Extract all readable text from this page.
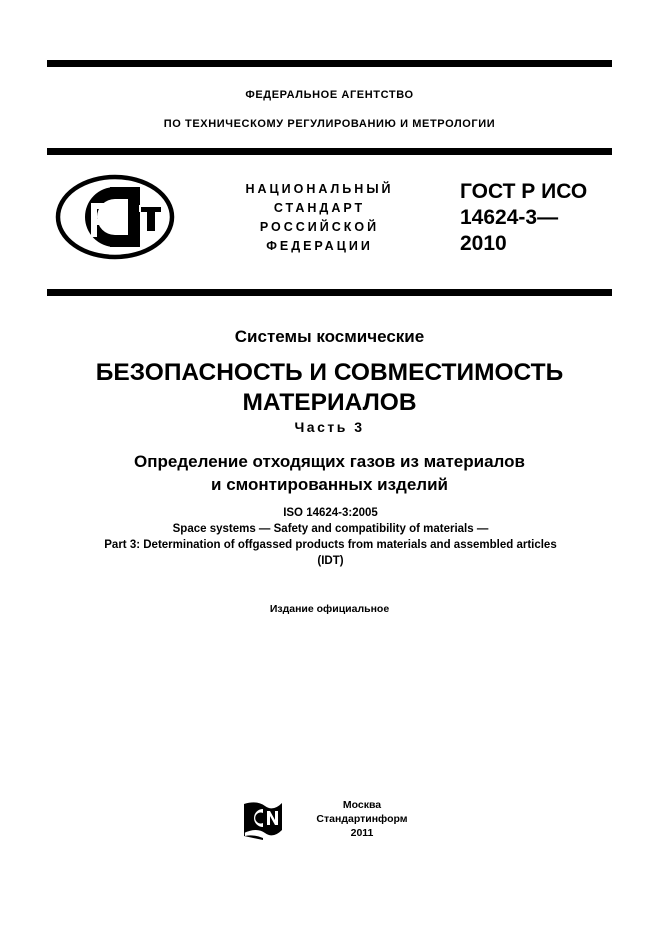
ФЕДЕРАЛЬНОЕ АГЕНТСТВО
ПО ТЕХНИЧЕСКОМУ РЕГУЛИРОВАНИЮ И МЕТРОЛОГИИ
НАЦИОНАЛЬНЫЙ
СТАНДАРТ
РОССИЙСКОЙ
ФЕДЕРАЦИИ
ГОСТ Р ИСО
14624-3—
2010
Системы космические
БЕЗОПАСНОСТЬ И СОВМЕСТИМОСТЬ
МАТЕРИАЛОВ
Часть 3
Определение отходящих газов из материалов
и смонтированных изделий
ISO 14624-3:2005
Space systems — Safety and compatibility of materials —
Part 3: Determination of offgassed products from materials and assembled articles
(IDT)
Издание официальное
Москва
Стандартинформ
2011
